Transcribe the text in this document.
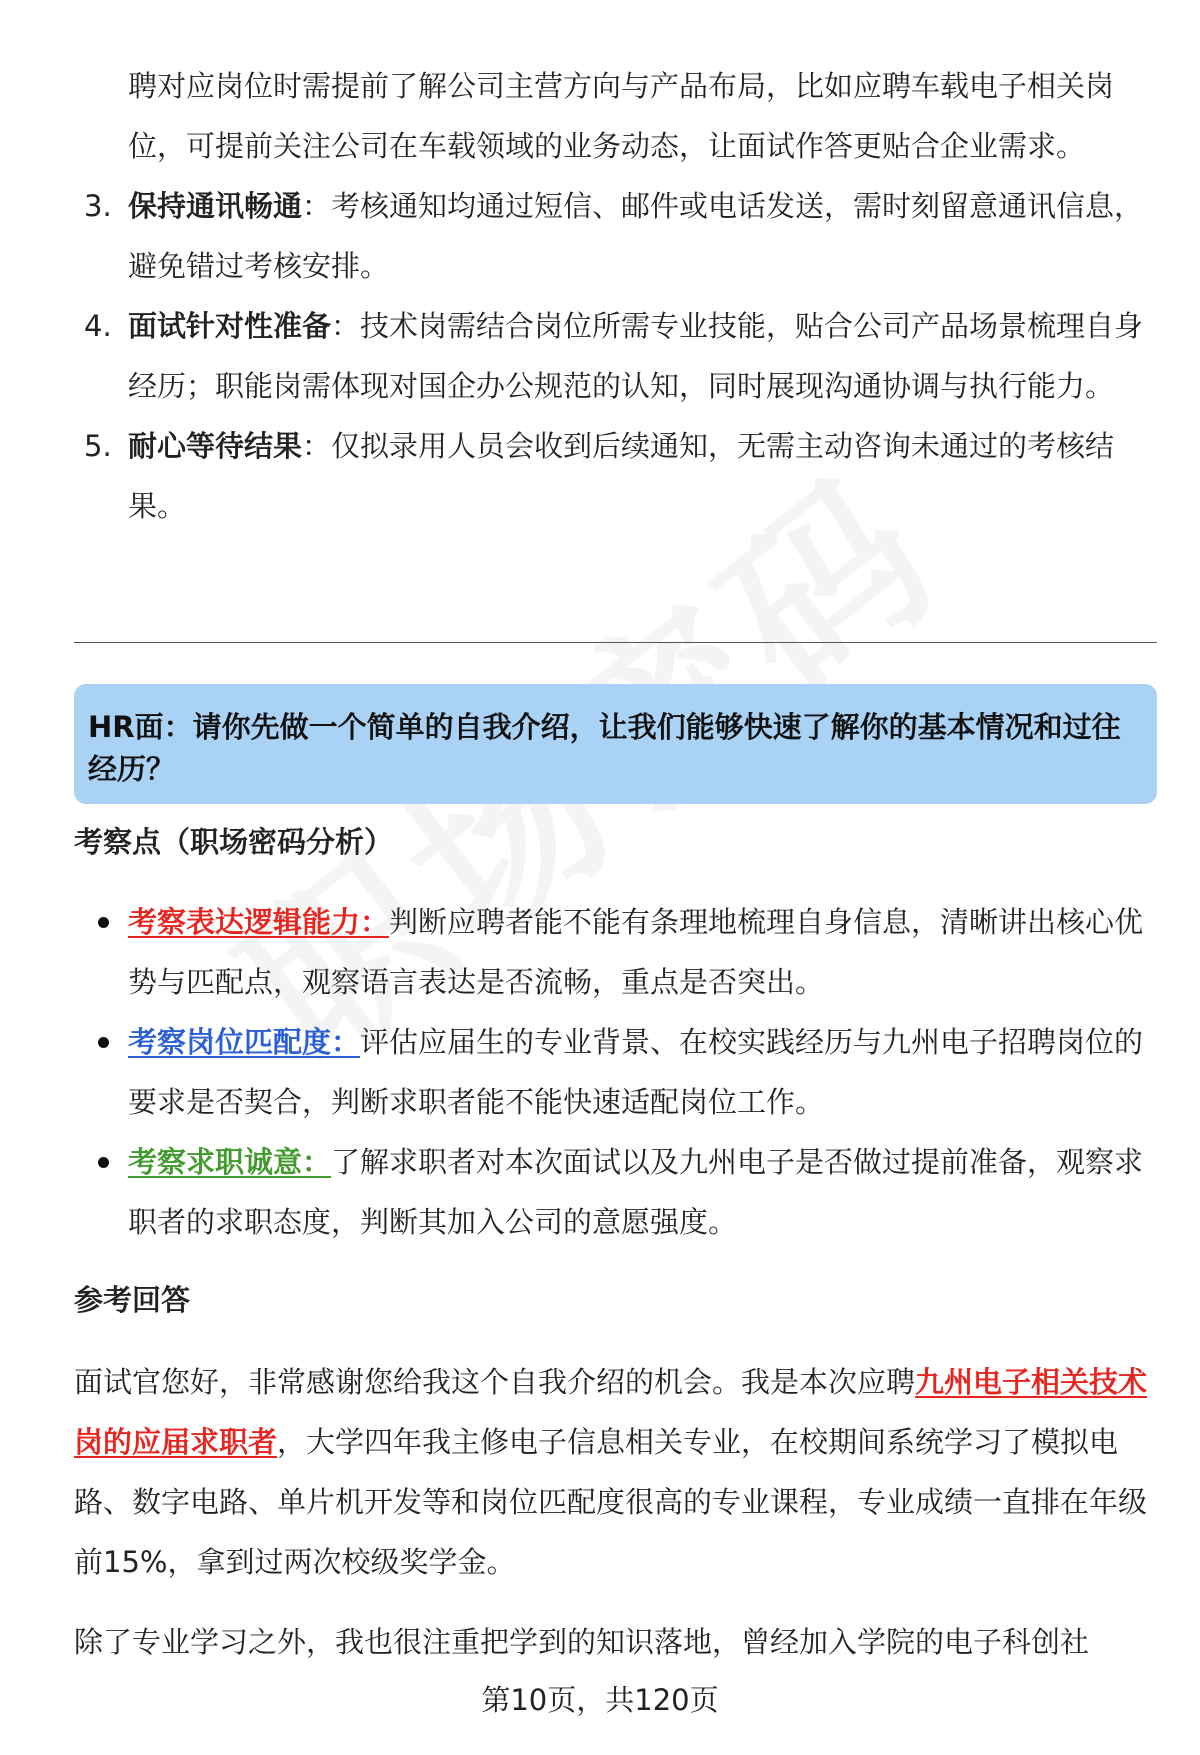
聘对应岗位时需提前了解公司主营方向与产品布局，比如应聘车载电子相关岗位，可提前关注公司在车载领域的业务动态，让面试作答更贴合企业需求。

3. 保持通讯畅通：考核通知均通过短信、邮件或电话发送，需时刻留意通讯信息，避免错过考核安排。
4. 面试针对性准备：技术岗需结合岗位所需专业技能，贴合公司产品场景梳理自身经历；职能岗需体现对国企办公规范的认知，同时展现沟通协调与执行能力。
5. 耐心等待结果：仅拟录用人员会收到后续通知，无需主动咨询未通过的考核结果。

HR面：请你先做一个简单的自我介绍，让我们能够快速了解你的基本情况和过往经历？

考察点（职场密码分析）
考察表达逻辑能力：判断应聘者能不能有条理地梳理自身信息，清晰讲出核心优势与匹配点，观察语言表达是否流畅，重点是否突出。
考察岗位匹配度：评估应届生的专业背景、在校实践经历与九州电子招聘岗位的要求是否契合，判断求职者能不能快速适配岗位工作。
考察求职诚意：了解求职者对本次面试以及九州电子是否做过提前准备，观察求职者的求职态度，判断其加入公司的意愿强度。
参考回答

面试官您好，非常感谢您给我这个自我介绍的机会。我是本次应聘九州电子相关技术岗的应届求职者，大学四年我主修电子信息相关专业，在校期间系统学习了模拟电路、数字电路、单片机开发等和岗位匹配度很高的专业课程，专业成绩一直排在年级前15%，拿到过两次校级奖学金。

除了专业学习之外，我也很注重把学到的知识落地，曾经加入学院的电子科创社

第10页，共120页
